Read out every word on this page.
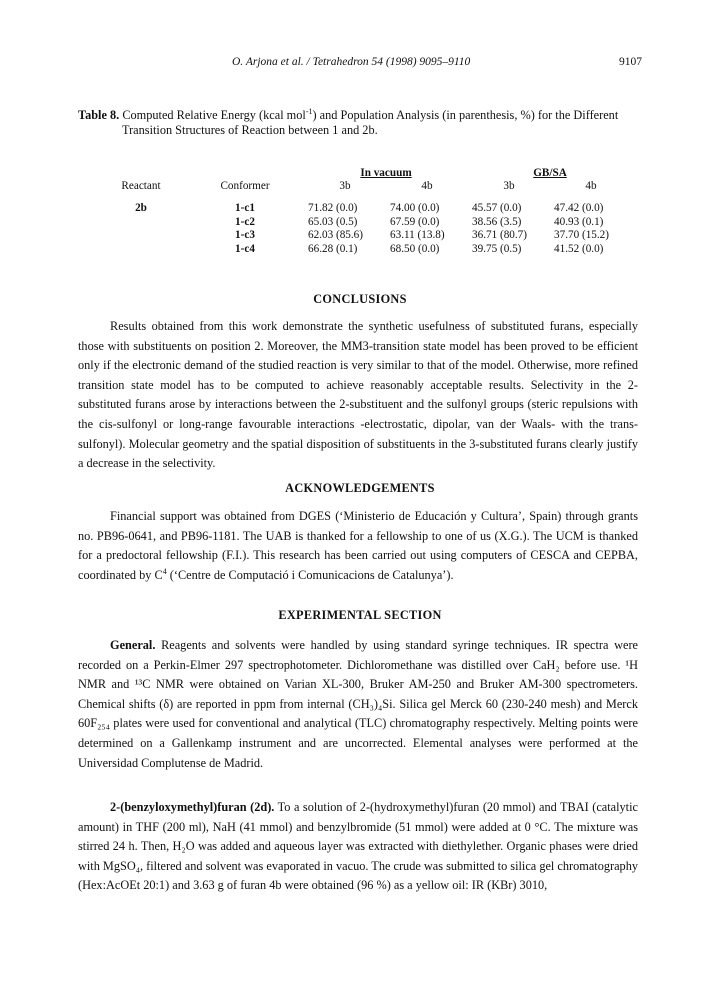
O. Arjona et al. / Tetrahedron 54 (1998) 9095–9110	9107
Table 8. Computed Relative Energy (kcal mol$^{-1}$) and Population Analysis (in parenthesis, %) for the Different
Transition Structures of Reaction between 1 and 2b.
		In vacuum		GB/SA	
Reactant	Conformer	3b	4b	3b	4b
2b	1-c1	71.82 (0.0)	74.00 (0.0)	45.57 (0.0)	47.42 (0.0)
	1-c2	65.03 (0.5)	67.59 (0.0)	38.56 (3.5)	40.93 (0.1)
	1-c3	62.03 (85.6)	63.11 (13.8)	36.71 (80.7)	37.70 (15.2)
	1-c4	66.28 (0.1)	68.50 (0.0)	39.75 (0.5)	41.52 (0.0)
CONCLUSIONS

Results obtained from this work demonstrate the synthetic usefulness of substituted furans, especially those with substituents on position 2. Moreover, the MM3-transition state model has been proved to be efficient only if the electronic demand of the studied reaction is very similar to that of the model. Otherwise, more refined transition state model has to be computed to achieve reasonably acceptable results. Selectivity in the 2-substituted furans arose by interactions between the 2-substituent and the sulfonyl groups (steric repulsions with the cis-sulfonyl or long-range favourable interactions -electrostatic, dipolar, van der Waals- with the trans-sulfonyl). Molecular geometry and the spatial disposition of substituents in the 3-substituted furans clearly justify a decrease in the selectivity.

ACKNOWLEDGEMENTS

Financial support was obtained from DGES (‘Ministerio de Educación y Cultura’, Spain) through grants no. PB96-0641, and PB96-1181. The UAB is thanked for a fellowship to one of us (X.G.). The UCM is thanked for a predoctoral fellowship (F.I.). This research has been carried out using computers of CESCA and CEPBA, coordinated by $C^4$ (‘Centre de Computació i Comunicacions de Catalunya’).

EXPERIMENTAL SECTION

General. Reagents and solvents were handled by using standard syringe techniques. IR spectra were recorded on a Perkin-Elmer 297 spectrophotometer. Dichloromethane was distilled over CaH₂ before use. ¹H NMR and ¹³C NMR were obtained on Varian XL-300, Bruker AM-250 and Bruker AM-300 spectrometers. Chemical shifts (δ) are reported in ppm from internal (CH₃)₄Si. Silica gel Merck 60 (230-240 mesh) and Merck 60F₂₅₄ plates were used for conventional and analytical (TLC) chromatography respectively. Melting points were determined on a Gallenkamp instrument and are uncorrected. Elemental analyses were performed at the Universidad Complutense de Madrid.

2-(benzyloxymethyl)furan (2d). To a solution of 2-(hydroxymethyl)furan (20 mmol) and TBAI (catalytic amount) in THF (200 ml), NaH (41 mmol) and benzylbromide (51 mmol) were added at 0 °C. The mixture was stirred 24 h. Then, H₂O was added and aqueous layer was extracted with diethylether. Organic phases were dried with MgSO₄, filtered and solvent was evaporated in vacuo. The crude was submitted to silica gel chromatography (Hex:AcOEt 20:1) and 3.63 g of furan 4b were obtained (96 %) as a yellow oil: IR (KBr) 3010,
